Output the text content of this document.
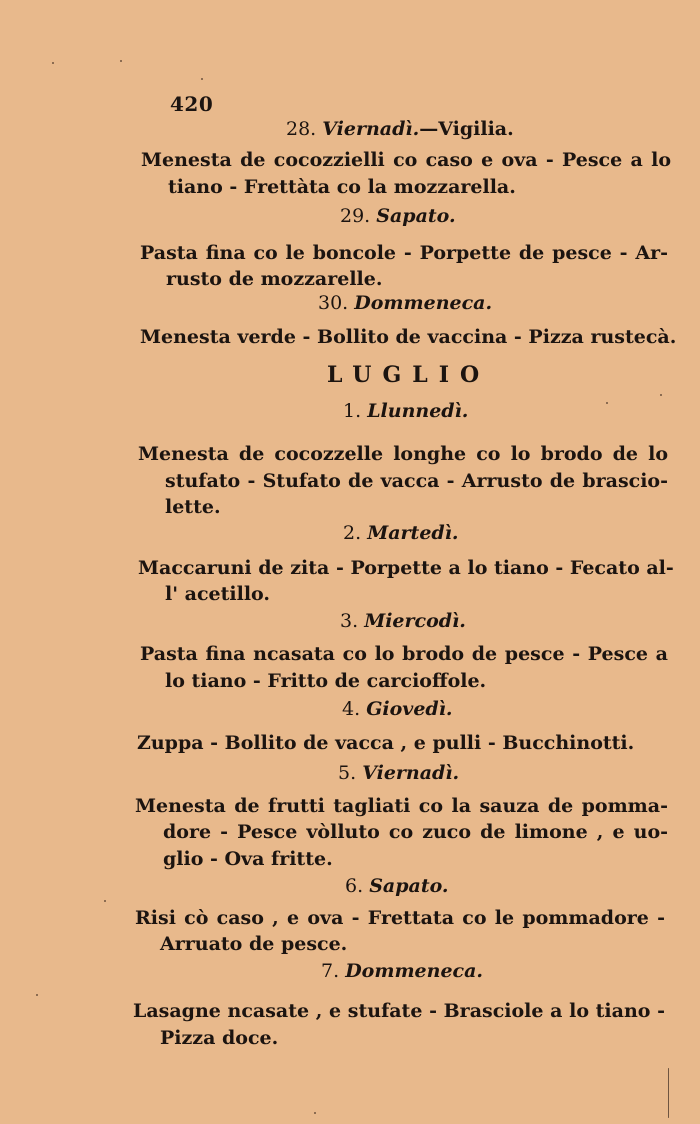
420
28. Viernadì.—Vigilia.
Menesta de cocozzielli co caso e ova - Pesce a lo
tiano - Frettàta co la mozzarella.
29. Sapato.
Pasta fina co le boncole - Porpette de pesce - Ar-
rusto de mozzarelle.
30. Dommeneca.
Menesta verde - Bollito de vaccina - Pizza rustecà.
LUGLIO
1. Llunnedì.
Menesta de cocozzelle longhe co lo brodo de lo
stufato - Stufato de vacca - Arrusto de brascio-
lette.
2. Martedì.
Maccaruni de zita - Porpette a lo tiano - Fecato al-
l' acetillo.
3. Miercodì.
Pasta fina ncasata co lo brodo de pesce - Pesce a
lo tiano - Fritto de carcioffole.
4. Giovedì.
Zuppa - Bollito de vacca , e pulli - Bucchinotti.
5. Viernadì.
Menesta de frutti tagliati co la sauza de pomma-
dore - Pesce vòlluto co zuco de limone , e uo-
glio - Ova fritte.
6. Sapato.
Risi cò caso , e ova - Frettata co le pommadore -
Arruato de pesce.
7. Dommeneca.
Lasagne ncasate , e stufate - Brasciole a lo tiano -
Pizza doce.
